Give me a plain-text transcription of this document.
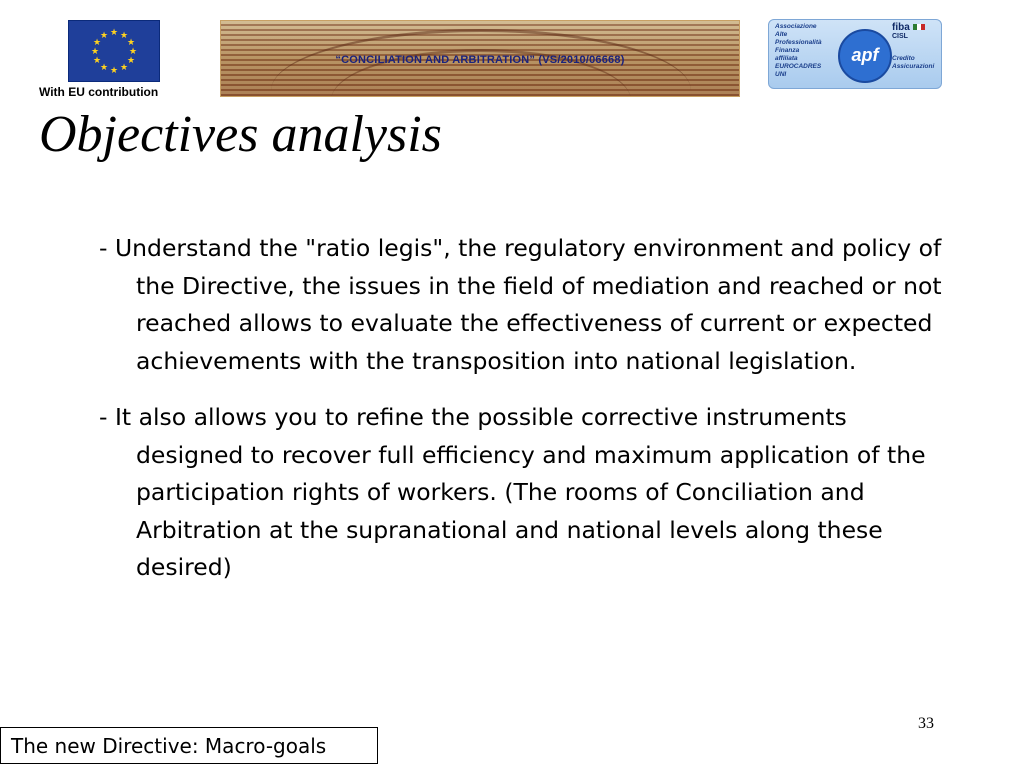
★ ★
★
★
★
★
★
★
★
★
★
★
With EU contribution
“CONCILIATION AND ARBITRATION” (VS/2010/06668)
Associazione
Alte
Professionalità
Finanza
affiliata
EUROCADRES
UNI
apf
fiba
CISL
Credito
Assicurazioni
Objectives analysis

- Understand the "ratio legis", the regulatory environment and policy of the Directive, the issues in the field of mediation and reached or not reached allows to evaluate the effectiveness of current or expected achievements with the transposition into national legislation.

- It also allows you to refine the possible corrective instruments designed to recover full efficiency and maximum application of the participation rights of workers. (The rooms of Conciliation and Arbitration at the supranational and national levels along these desired)

33
The new Directive: Macro-goals
